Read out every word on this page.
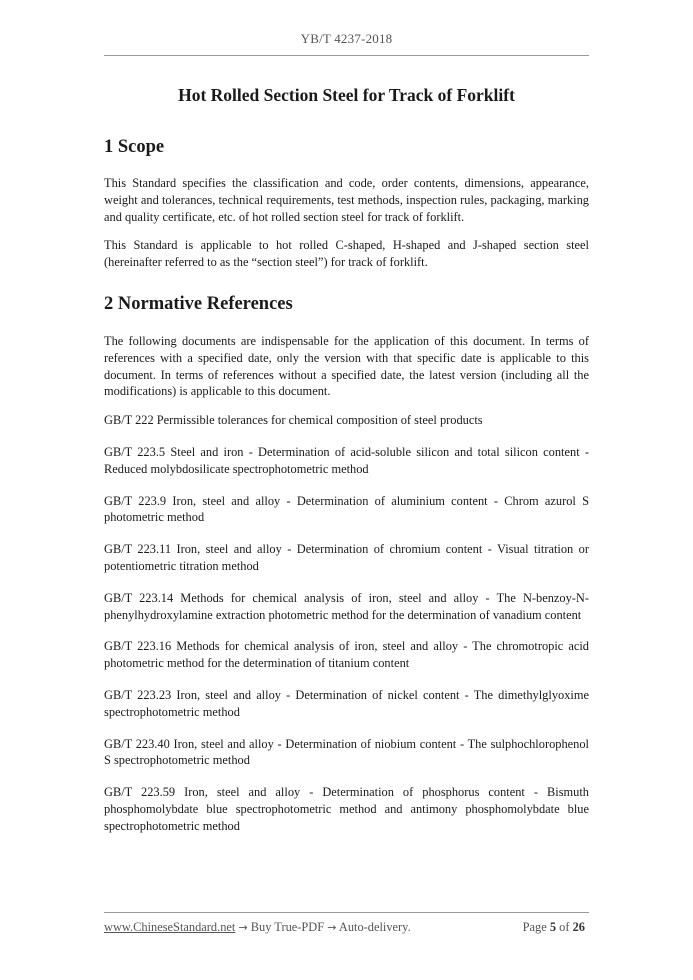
YB/T 4237-2018
Hot Rolled Section Steel for Track of Forklift
1 Scope

This Standard specifies the classification and code, order contents, dimensions, appearance, weight and tolerances, technical requirements, test methods, inspection rules, packaging, marking and quality certificate, etc. of hot rolled section steel for track of forklift.

This Standard is applicable to hot rolled C-shaped, H-shaped and J-shaped section steel (hereinafter referred to as the “section steel”) for track of forklift.

2 Normative References

The following documents are indispensable for the application of this document. In terms of references with a specified date, only the version with that specific date is applicable to this document. In terms of references without a specified date, the latest version (including all the modifications) is applicable to this document.

GB/T 222 Permissible tolerances for chemical composition of steel products

GB/T 223.5 Steel and iron - Determination of acid-soluble silicon and total silicon content - Reduced molybdosilicate spectrophotometric method

GB/T 223.9 Iron, steel and alloy - Determination of aluminium content - Chrom azurol S photometric method

GB/T 223.11 Iron, steel and alloy - Determination of chromium content - Visual titration or potentiometric titration method

GB/T 223.14 Methods for chemical analysis of iron, steel and alloy - The N-benzoy-N-phenylhydroxylamine extraction photometric method for the determination of vanadium content

GB/T 223.16 Methods for chemical analysis of iron, steel and alloy - The chromotropic acid photometric method for the determination of titanium content

GB/T 223.23 Iron, steel and alloy - Determination of nickel content - The dimethylglyoxime spectrophotometric method

GB/T 223.40 Iron, steel and alloy - Determination of niobium content - The sulphochlorophenol S spectrophotometric method

GB/T 223.59 Iron, steel and alloy - Determination of phosphorus content - Bismuth phosphomolybdate blue spectrophotometric method and antimony phosphomolybdate blue spectrophotometric method

www.ChineseStandard.net → Buy True-PDF → Auto-delivery.	Page 5 of 26
